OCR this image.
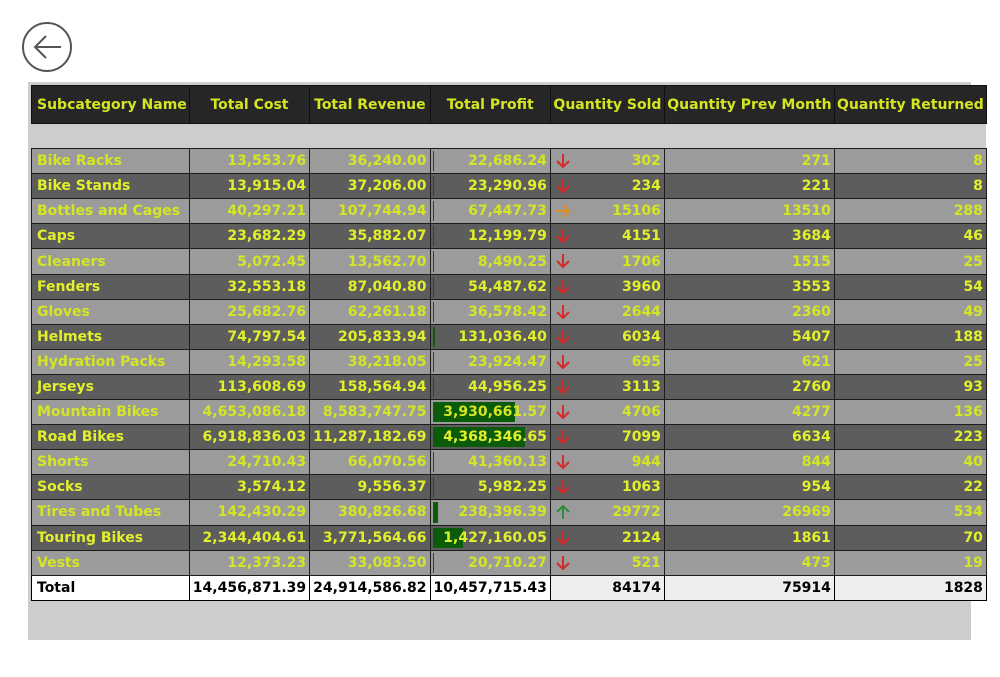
Subcategory Name	Total Cost	Total Revenue	Total Profit	Quantity Sold	Quantity Prev Month	Quantity Returned

Bike Racks	13,553.76	36,240.00	22,686.24	302	271	8
Bike Stands	13,915.04	37,206.00	23,290.96	234	221	8
Bottles and Cages	40,297.21	107,744.94	67,447.73	15106	13510	288
Caps	23,682.29	35,882.07	12,199.79	4151	3684	46
Cleaners	5,072.45	13,562.70	8,490.25	1706	1515	25
Fenders	32,553.18	87,040.80	54,487.62	3960	3553	54
Gloves	25,682.76	62,261.18	36,578.42	2644	2360	49
Helmets	74,797.54	205,833.94	131,036.40	6034	5407	188
Hydration Packs	14,293.58	38,218.05	23,924.47	695	621	25
Jerseys	113,608.69	158,564.94	44,956.25	3113	2760	93
Mountain Bikes	4,653,086.18	8,583,747.75	3,930,661.57	4706	4277	136
Road Bikes	6,918,836.03	11,287,182.69	4,368,346.65	7099	6634	223
Shorts	24,710.43	66,070.56	41,360.13	944	844	40
Socks	3,574.12	9,556.37	5,982.25	1063	954	22
Tires and Tubes	142,430.29	380,826.68	238,396.39	29772	26969	534
Touring Bikes	2,344,404.61	3,771,564.66	1,427,160.05	2124	1861	70
Vests	12,373.23	33,083.50	20,710.27	521	473	19
Total	14,456,871.39	24,914,586.82	10,457,715.43	84174	75914	1828
